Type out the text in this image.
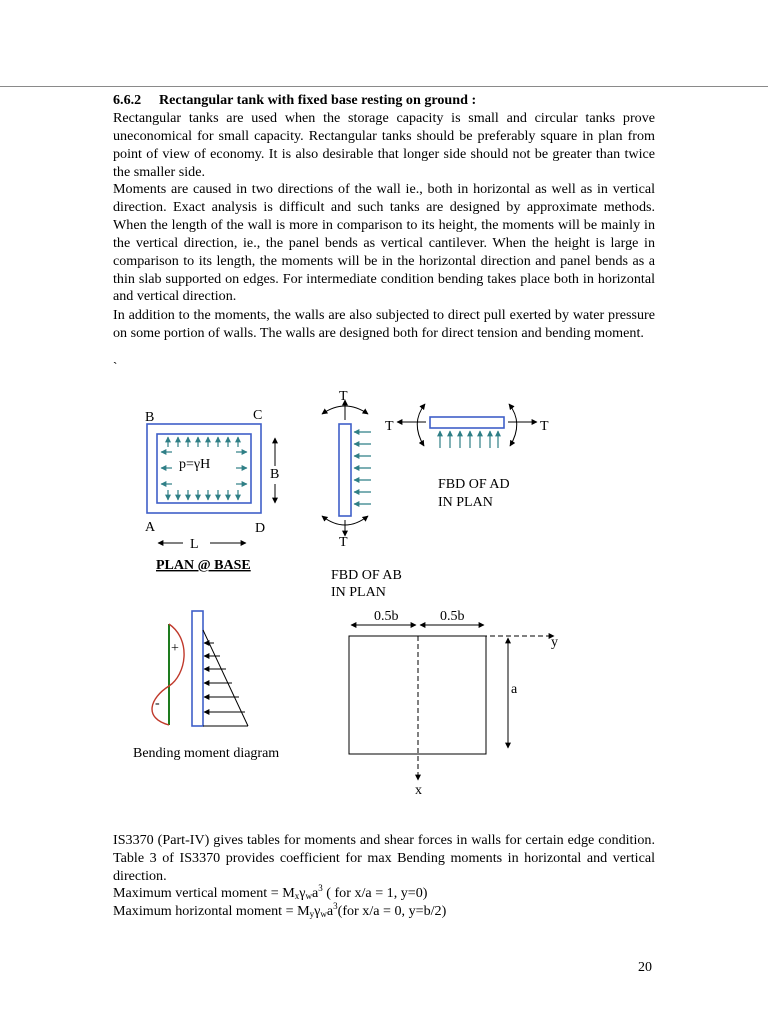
6.6.2 Rectangular tank with fixed base resting on ground :
Rectangular tanks are used when the storage capacity is small and circular tanks prove uneconomical for small capacity. Rectangular tanks should be preferably square in plan from point of view of economy. It is also desirable that longer side should not be greater than twice the smaller side.
Moments are caused in two directions of the wall ie., both in horizontal as well as in vertical direction. Exact analysis is difficult and such tanks are designed by approximate methods. When the length of the wall is more in comparison to its height, the moments will be mainly in the vertical direction, ie., the panel bends as vertical cantilever. When the height is large in comparison to its length, the moments will be in the horizontal direction and panel bends as a thin slab supported on edges. For intermediate condition bending takes place both in horizontal and vertical direction.
In addition to the moments, the walls are also subjected to direct pull exerted by water pressure on some portion of walls. The walls are designed both for direct tension and bending moment.
`
p=γH
B	C
A	D
B
L
PLAN @ BASE
T
T
FBD OF AB
IN PLAN
T	T
FBD OF AD
IN PLAN
+
-
Bending moment diagram
0.5b	0.5b
a
y
x
IS3370 (Part-IV) gives tables for moments and shear forces in walls for certain edge condition. Table 3 of IS3370 provides coefficient for max Bending moments in horizontal and vertical direction.
Maximum vertical moment = $M_x\gamma_wa^3$ ( for x/a = 1, y=0)
Maximum horizontal moment = $M_y\gamma_wa^3(for$ x/a = 0, y=b/2)
20
